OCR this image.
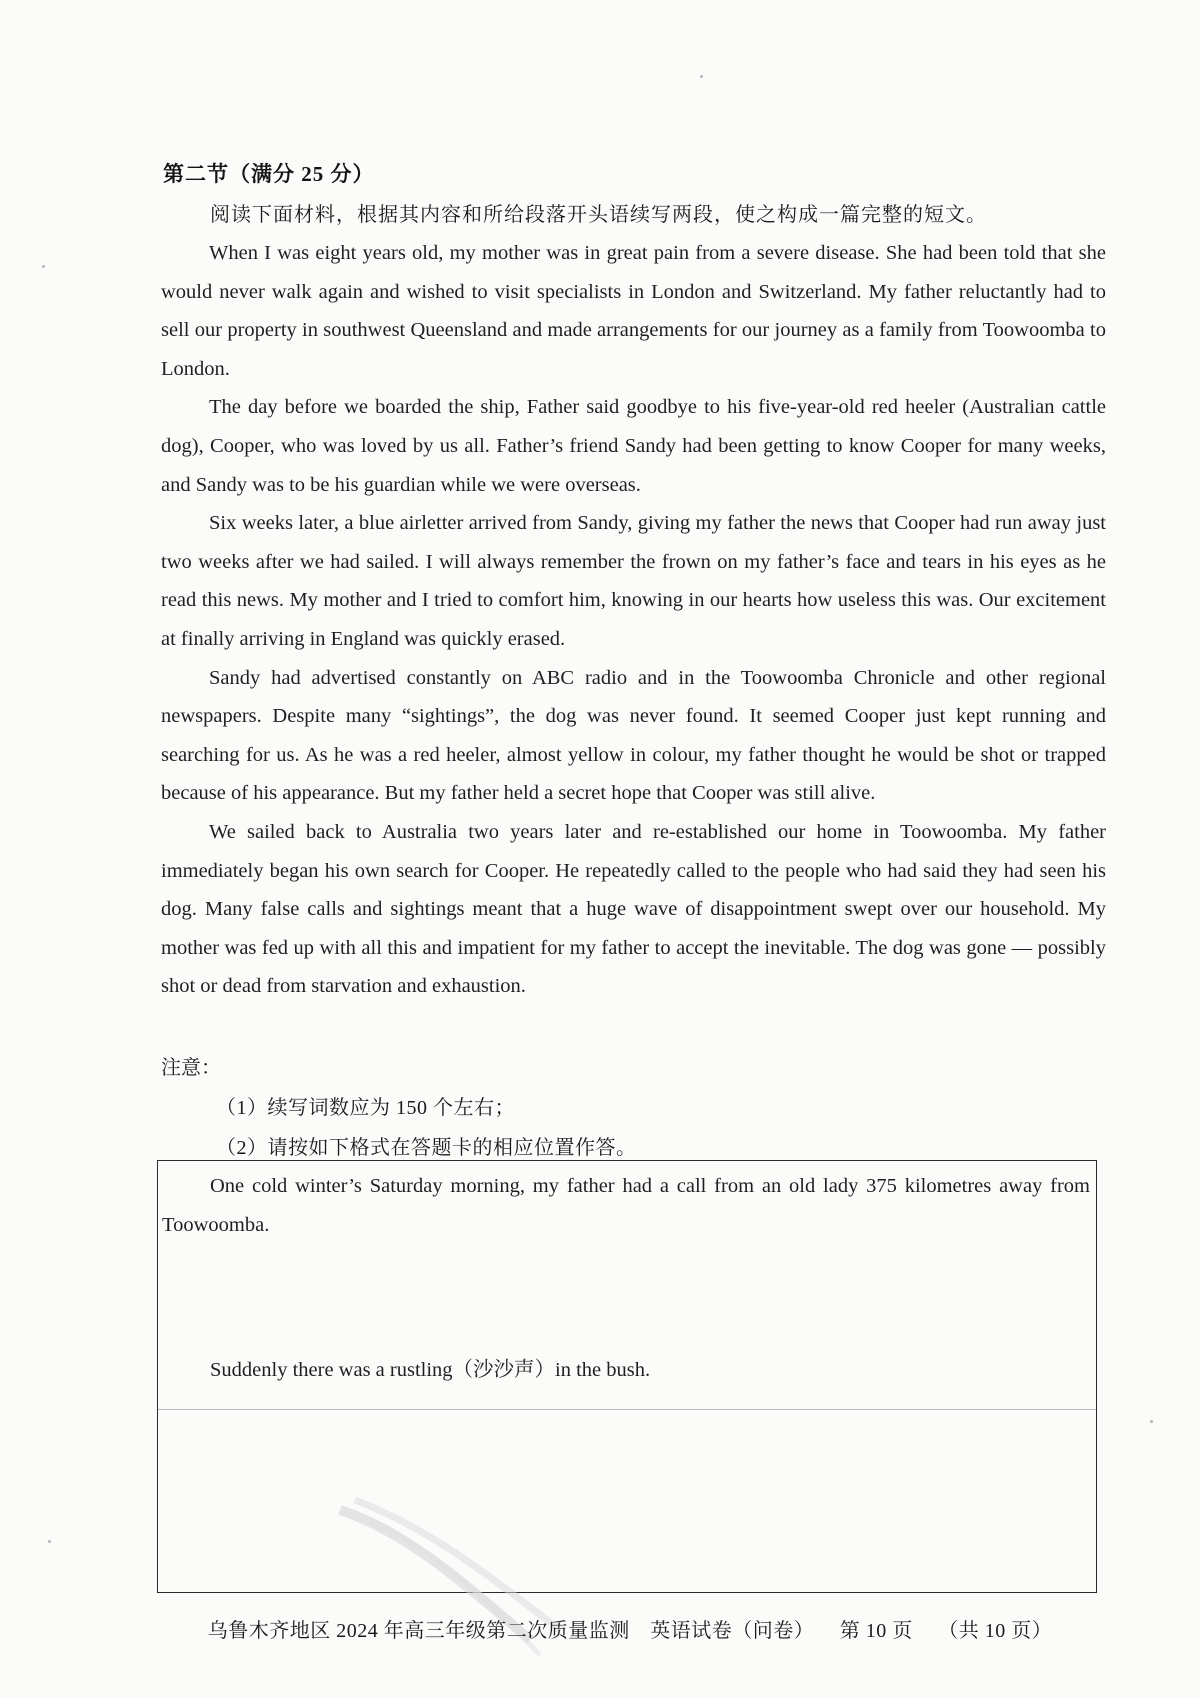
第二节（满分 25 分）
阅读下面材料，根据其内容和所给段落开头语续写两段，使之构成一篇完整的短文。

When I was eight years old, my mother was in great pain from a severe disease. She had been told that she would never walk again and wished to visit specialists in London and Switzerland. My father reluctantly had to sell our property in southwest Queensland and made arrangements for our journey as a family from Toowoomba to London.

The day before we boarded the ship, Father said goodbye to his five-year-old red heeler (Australian cattle dog), Cooper, who was loved by us all. Father’s friend Sandy had been getting to know Cooper for many weeks, and Sandy was to be his guardian while we were overseas.

Six weeks later, a blue airletter arrived from Sandy, giving my father the news that Cooper had run away just two weeks after we had sailed. I will always remember the frown on my father’s face and tears in his eyes as he read this news. My mother and I tried to comfort him, knowing in our hearts how useless this was. Our excitement at finally arriving in England was quickly erased.

Sandy had advertised constantly on ABC radio and in the Toowoomba Chronicle and other regional newspapers. Despite many “sightings”, the dog was never found. It seemed Cooper just kept running and searching for us. As he was a red heeler, almost yellow in colour, my father thought he would be shot or trapped because of his appearance. But my father held a secret hope that Cooper was still alive.

We sailed back to Australia two years later and re-established our home in Toowoomba. My father immediately began his own search for Cooper. He repeatedly called to the people who had said they had seen his dog. Many false calls and sightings meant that a huge wave of disappointment swept over our household. My mother was fed up with all this and impatient for my father to accept the inevitable. The dog was gone — possibly shot or dead from starvation and exhaustion.

注意：
（1）续写词数应为 150 个左右；
（2）请按如下格式在答题卡的相应位置作答。

One cold winter’s Saturday morning, my father had a call from an old lady 375 kilometres away from Toowoomba.

Suddenly there was a rustling（沙沙声）in the bush.

乌鲁木齐地区 2024 年高三年级第二次质量监测　英语试卷（问卷） 第 10 页 （共 10 页）
